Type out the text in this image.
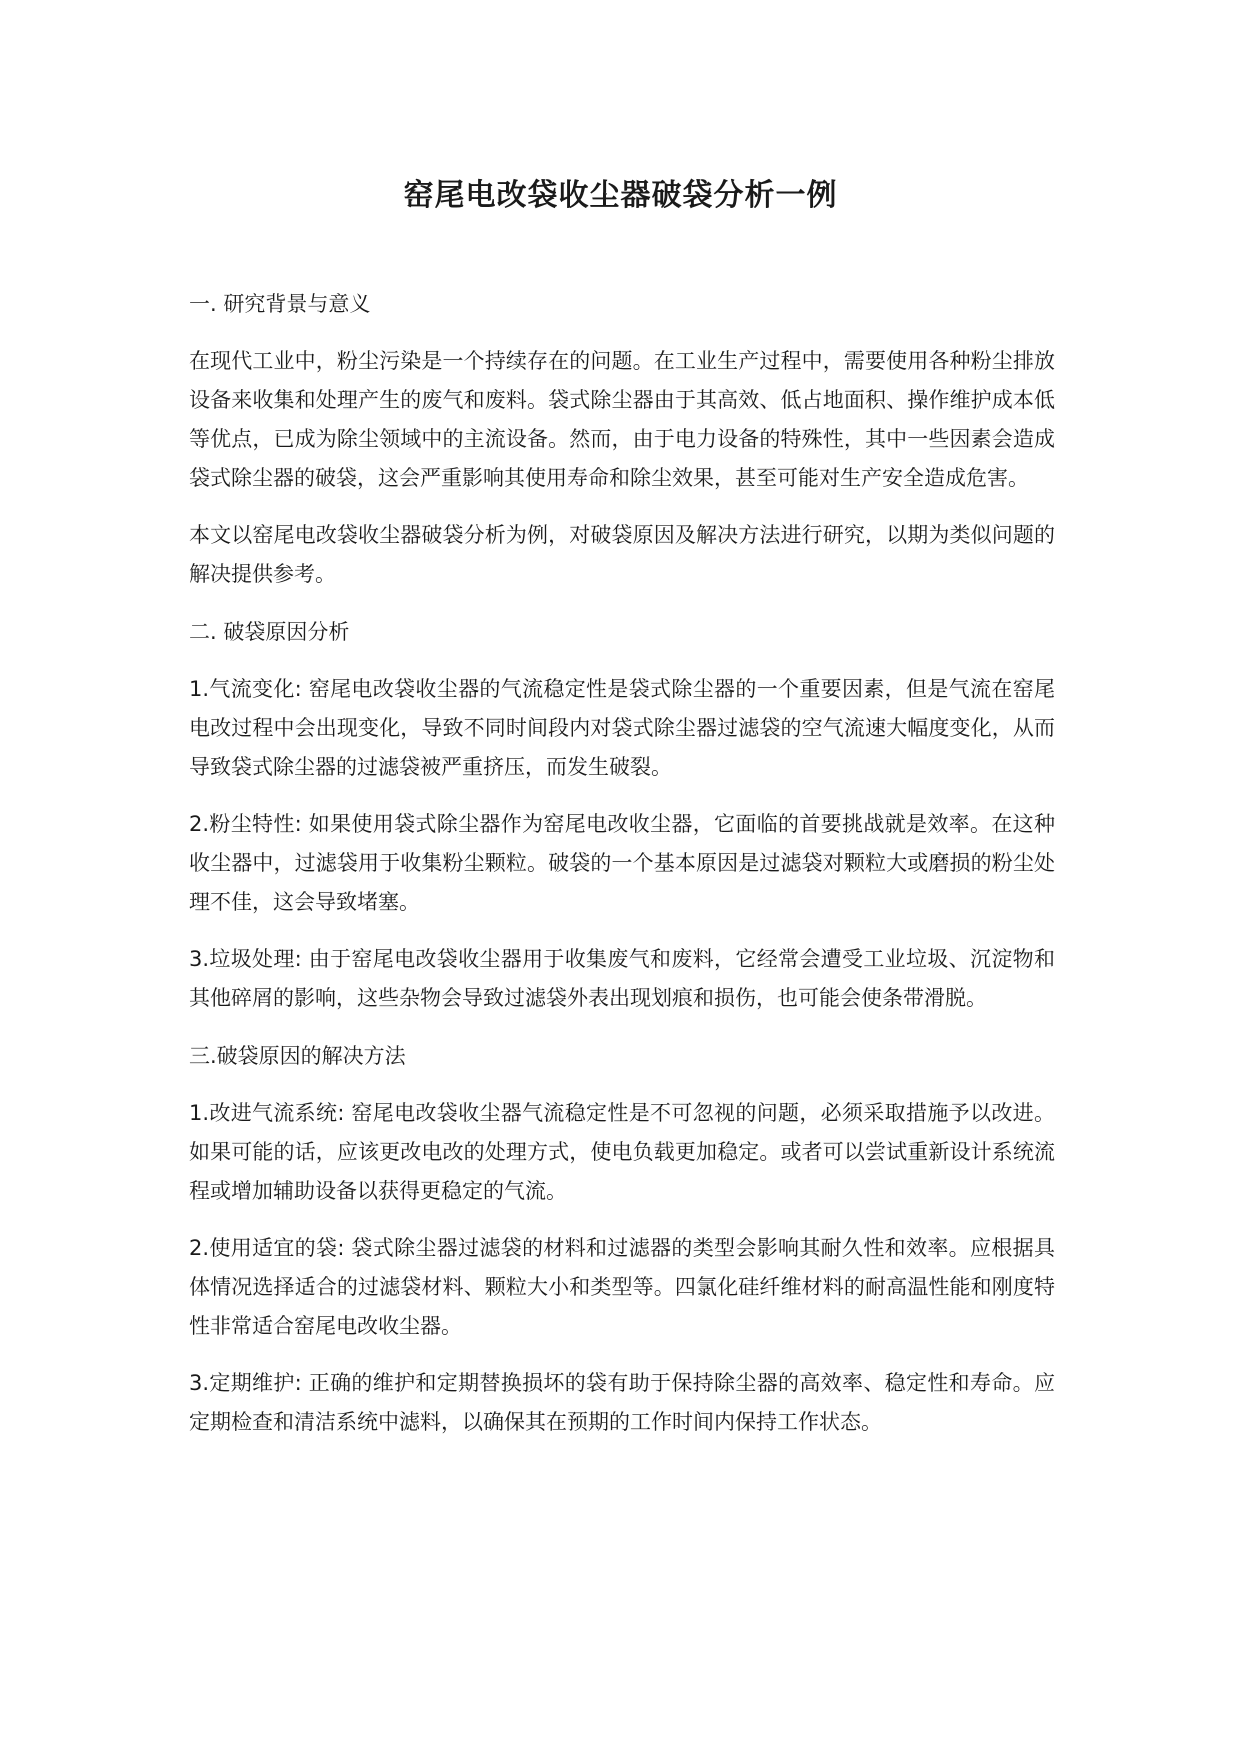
窑尾电改袋收尘器破袋分析一例
一. 研究背景与意义

在现代工业中，粉尘污染是一个持续存在的问题。在工业生产过程中，需要使用各种粉尘排放设备来收集和处理产生的废气和废料。袋式除尘器由于其高效、低占地面积、操作维护成本低等优点，已成为除尘领域中的主流设备。然而，由于电力设备的特殊性，其中一些因素会造成袋式除尘器的破袋，这会严重影响其使用寿命和除尘效果，甚至可能对生产安全造成危害。

本文以窑尾电改袋收尘器破袋分析为例，对破袋原因及解决方法进行研究，以期为类似问题的解决提供参考。

二. 破袋原因分析

1.气流变化: 窑尾电改袋收尘器的气流稳定性是袋式除尘器的一个重要因素，但是气流在窑尾电改过程中会出现变化，导致不同时间段内对袋式除尘器过滤袋的空气流速大幅度变化，从而导致袋式除尘器的过滤袋被严重挤压，而发生破裂。

2.粉尘特性: 如果使用袋式除尘器作为窑尾电改收尘器，它面临的首要挑战就是效率。在这种收尘器中，过滤袋用于收集粉尘颗粒。破袋的一个基本原因是过滤袋对颗粒大或磨损的粉尘处理不佳，这会导致堵塞。

3.垃圾处理: 由于窑尾电改袋收尘器用于收集废气和废料，它经常会遭受工业垃圾、沉淀物和其他碎屑的影响，这些杂物会导致过滤袋外表出现划痕和损伤，也可能会使条带滑脱。

三.破袋原因的解决方法

1.改进气流系统: 窑尾电改袋收尘器气流稳定性是不可忽视的问题，必须采取措施予以改进。如果可能的话，应该更改电改的处理方式，使电负载更加稳定。或者可以尝试重新设计系统流程或增加辅助设备以获得更稳定的气流。

2.使用适宜的袋: 袋式除尘器过滤袋的材料和过滤器的类型会影响其耐久性和效率。应根据具体情况选择适合的过滤袋材料、颗粒大小和类型等。四氯化硅纤维材料的耐高温性能和刚度特性非常适合窑尾电改收尘器。

3.定期维护: 正确的维护和定期替换损坏的袋有助于保持除尘器的高效率、稳定性和寿命。应定期检查和清洁系统中滤料，以确保其在预期的工作时间内保持工作状态。
